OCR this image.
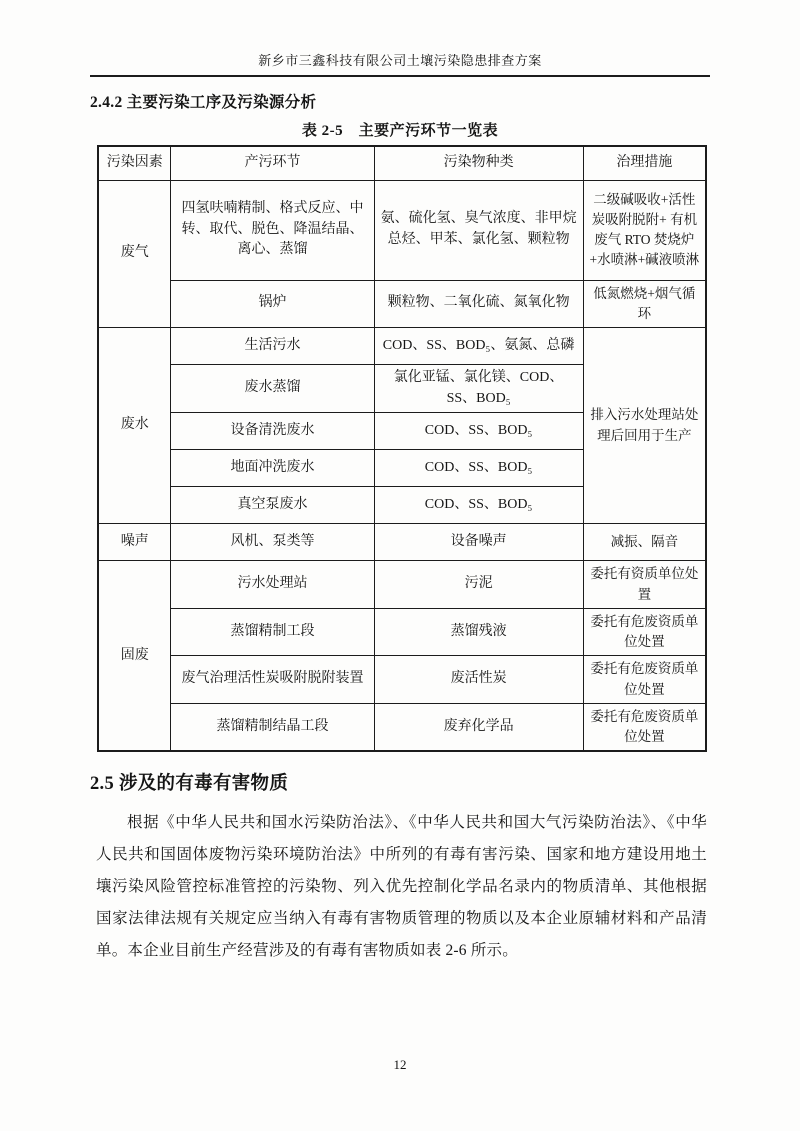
新乡市三鑫科技有限公司土壤污染隐患排查方案
2.4.2 主要污染工序及污染源分析
表 2-5　主要产污环节一览表
污染因素	产污环节	污染物种类	治理措施
废气	四氢呋喃精制、格式反应、中转、取代、脱色、降温结晶、离心、蒸馏	氨、硫化氢、臭气浓度、非甲烷总烃、甲苯、氯化氢、颗粒物	二级碱吸收+活性炭吸附脱附+ 有机废气 RTO 焚烧炉+水喷淋+碱液喷淋
	锅炉	颗粒物、二氧化硫、氮氧化物	低氮燃烧+烟气循环
废水	生活污水	COD、SS、BOD₅、氨氮、总磷	排入污水处理站处理后回用于生产
	废水蒸馏	氯化亚锰、氯化镁、COD、SS、BOD₅	
	设备清洗废水	COD、SS、BOD₅	
	地面冲洗废水	COD、SS、BOD₅	
	真空泵废水	COD、SS、BOD₅	
噪声	风机、泵类等	设备噪声	减振、隔音
固废	污水处理站	污泥	委托有资质单位处置
	蒸馏精制工段	蒸馏残液	委托有危废资质单位处置
	废气治理活性炭吸附脱附装置	废活性炭	委托有危废资质单位处置
	蒸馏精制结晶工段	废弃化学品	委托有危废资质单位处置
2.5 涉及的有毒有害物质

根据《中华人民共和国水污染防治法》、《中华人民共和国大气污染防治法》、《中华人民共和国固体废物污染环境防治法》中所列的有毒有害污染、国家和地方建设用地土壤污染风险管控标准管控的污染物、列入优先控制化学品名录内的物质清单、其他根据国家法律法规有关规定应当纳入有毒有害物质管理的物质以及本企业原辅材料和产品清单。本企业目前生产经营涉及的有毒有害物质如表 2-6 所示。

12
